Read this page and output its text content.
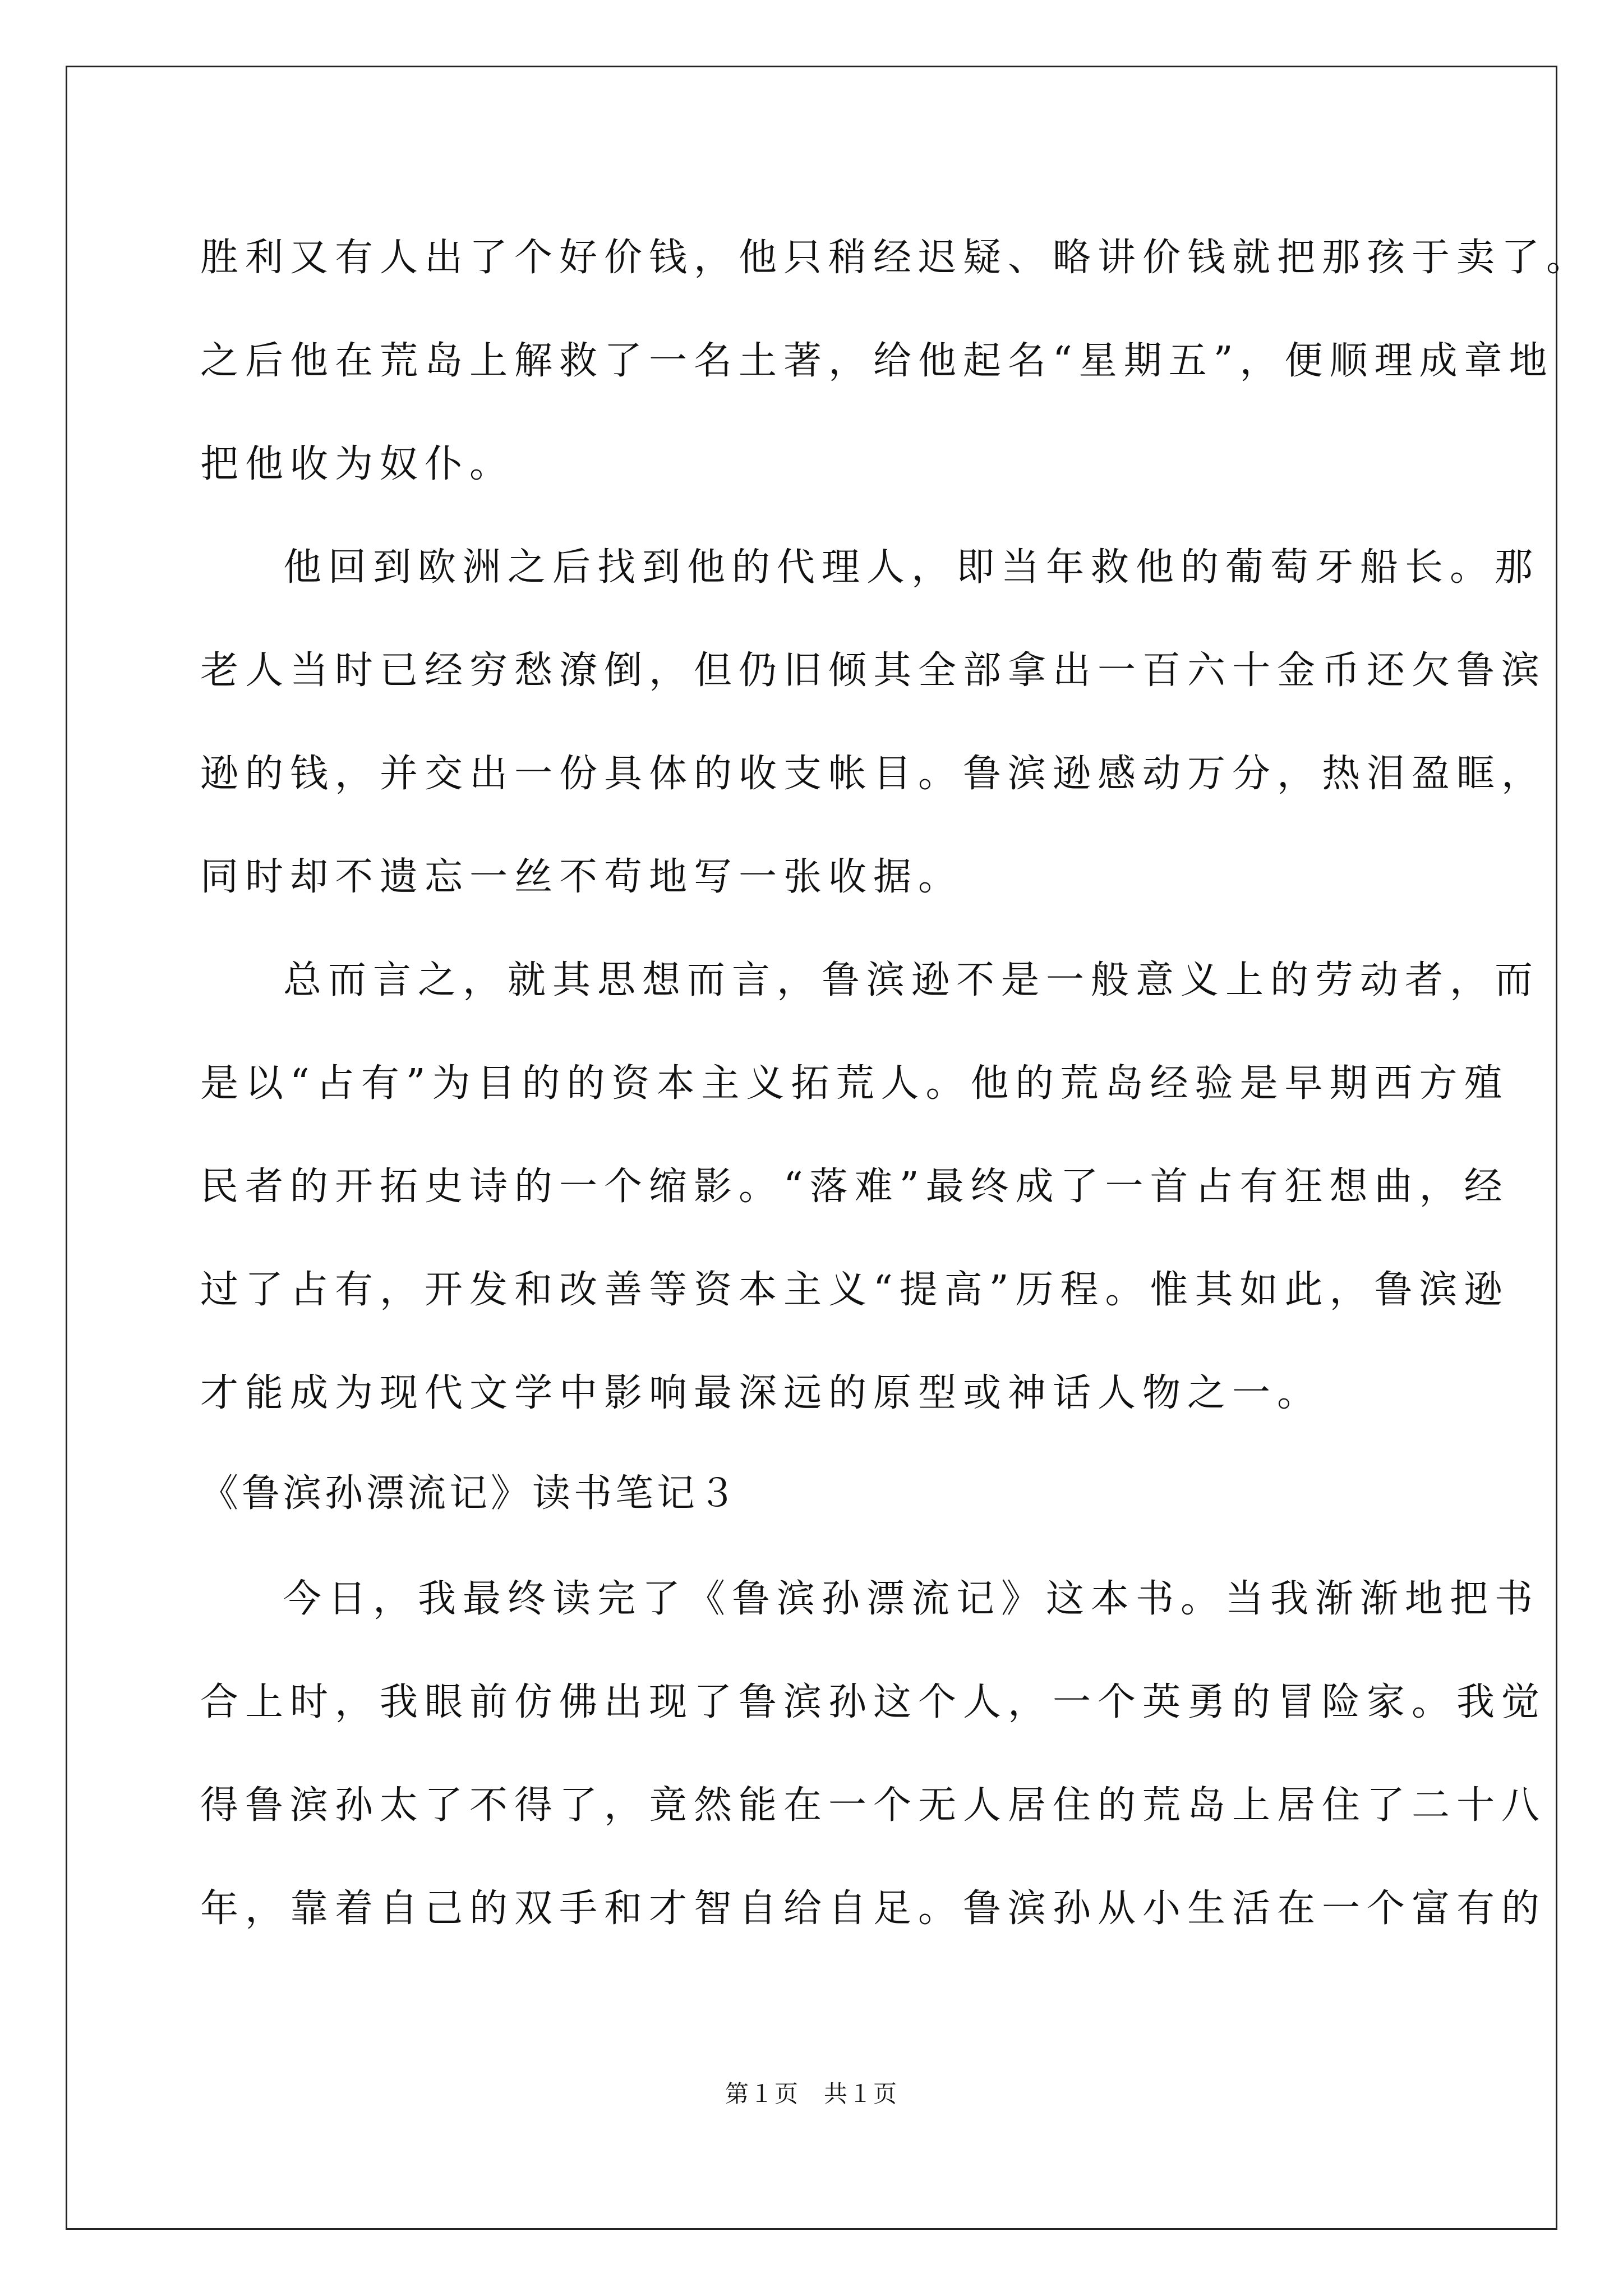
胜利又有人出了个好价钱，他只稍经迟疑、略讲价钱就把那孩于卖了。
之后他在荒岛上解救了一名土著，给他起名“星期五”，便顺理成章地
把他收为奴仆。
他回到欧洲之后找到他的代理人，即当年救他的葡萄牙船长。那
老人当时已经穷愁潦倒，但仍旧倾其全部拿出一百六十金币还欠鲁滨
逊的钱，并交出一份具体的收支帐目。鲁滨逊感动万分，热泪盈眶，
同时却不遗忘一丝不苟地写一张收据。
总而言之，就其思想而言，鲁滨逊不是一般意义上的劳动者，而
是以“占有”为目的的资本主义拓荒人。他的荒岛经验是早期西方殖
民者的开拓史诗的一个缩影。“落难”最终成了一首占有狂想曲，经
过了占有，开发和改善等资本主义“提高”历程。惟其如此，鲁滨逊
才能成为现代文学中影响最深远的原型或神话人物之一。
《鲁滨孙漂流记》读书笔记３
今日，我最终读完了《鲁滨孙漂流记》这本书。当我渐渐地把书
合上时，我眼前仿佛出现了鲁滨孙这个人，一个英勇的冒险家。我觉
得鲁滨孙太了不得了，竟然能在一个无人居住的荒岛上居住了二十八
年，靠着自己的双手和才智自给自足。鲁滨孙从小生活在一个富有的
第１页　共１页
